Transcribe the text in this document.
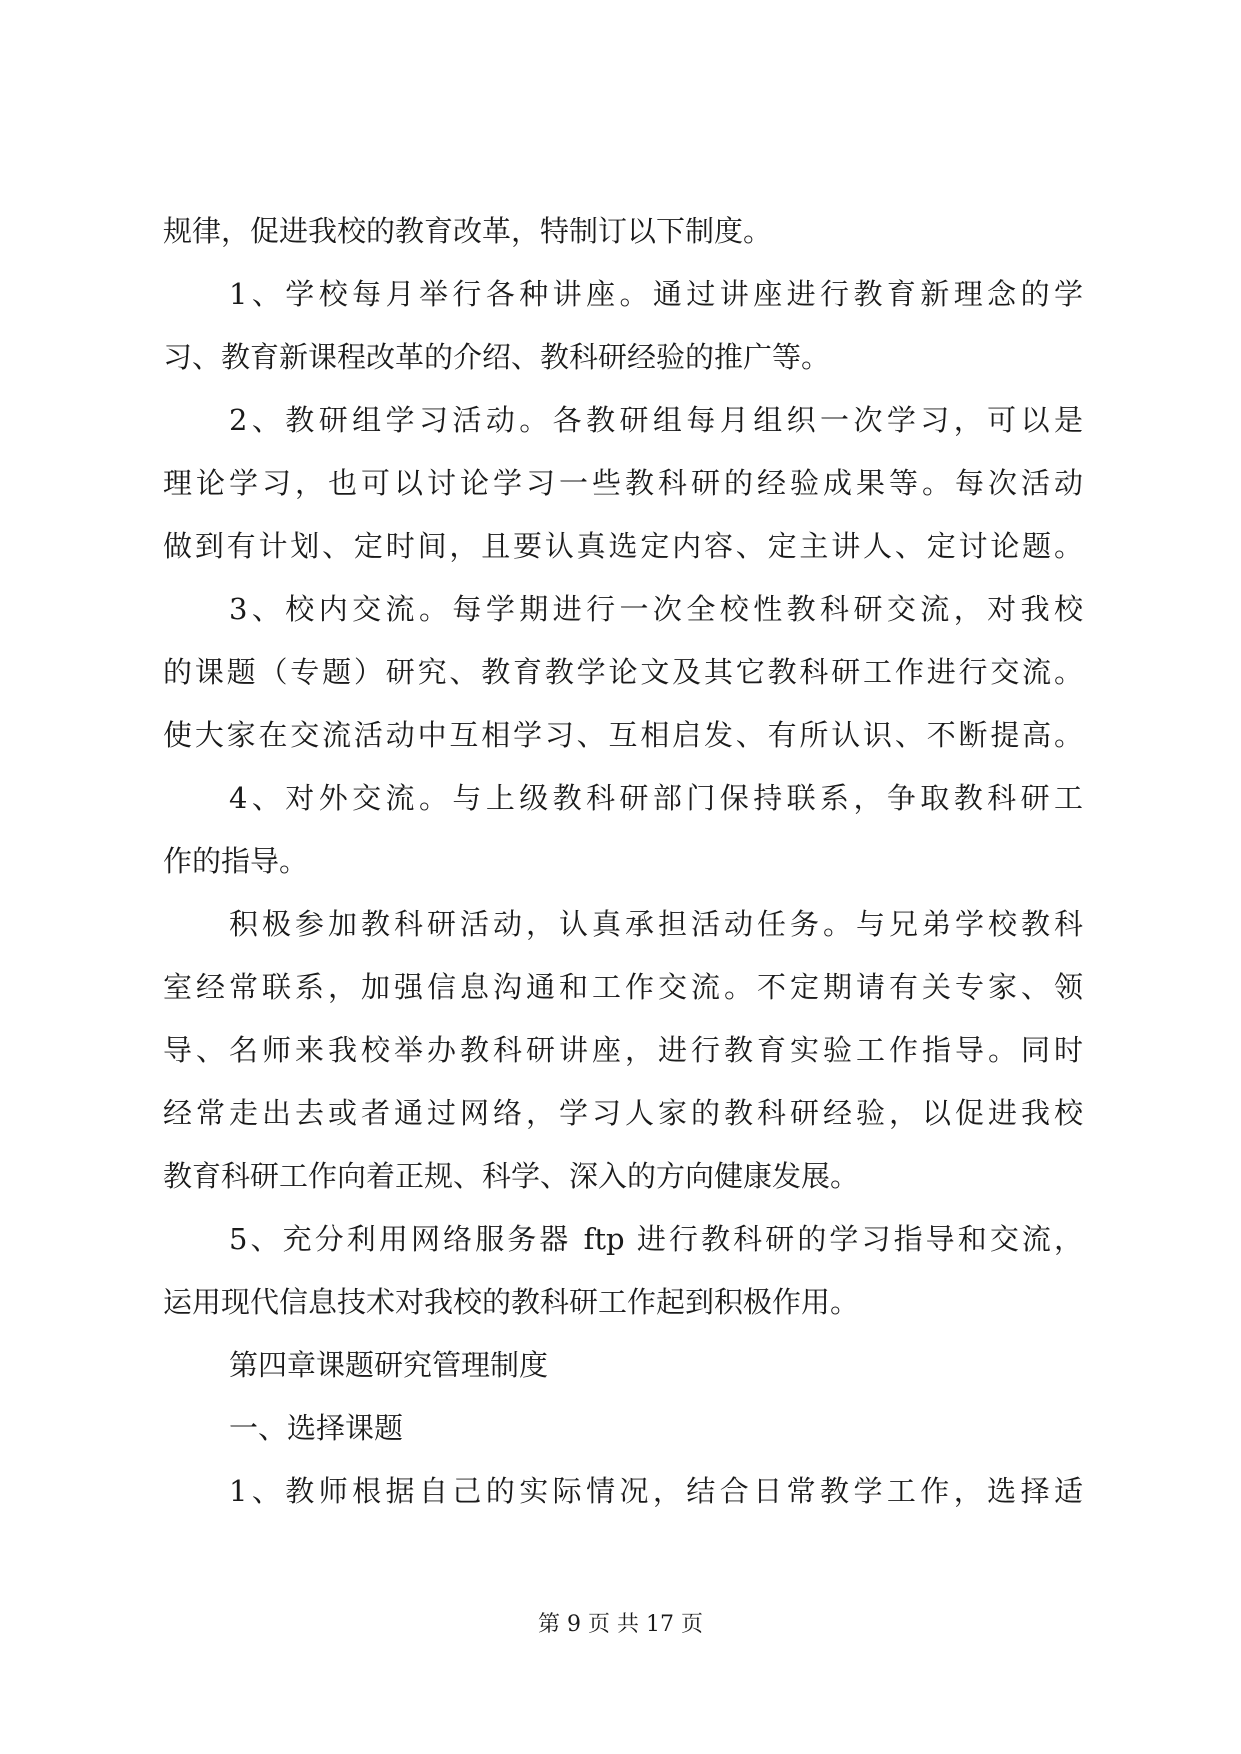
规律，促进我校的教育改革，特制订以下制度。
1、学校每月举行各种讲座。通过讲座进行教育新理念的学
习、教育新课程改革的介绍、教科研经验的推广等。
2、教研组学习活动。各教研组每月组织一次学习，可以是
理论学习，也可以讨论学习一些教科研的经验成果等。每次活动
做到有计划、定时间，且要认真选定内容、定主讲人、定讨论题。
3、校内交流。每学期进行一次全校性教科研交流，对我校
的课题（专题）研究、教育教学论文及其它教科研工作进行交流。
使大家在交流活动中互相学习、互相启发、有所认识、不断提高。
4、对外交流。与上级教科研部门保持联系，争取教科研工
作的指导。
积极参加教科研活动，认真承担活动任务。与兄弟学校教科
室经常联系，加强信息沟通和工作交流。不定期请有关专家、领
导、名师来我校举办教科研讲座，进行教育实验工作指导。同时
经常走出去或者通过网络，学习人家的教科研经验，以促进我校
教育科研工作向着正规、科学、深入的方向健康发展。
5、充分利用网络服务器 ftp 进行教科研的学习指导和交流，
运用现代信息技术对我校的教科研工作起到积极作用。
第四章课题研究管理制度
一、选择课题
1、教师根据自己的实际情况，结合日常教学工作，选择适
第 9 页 共 17 页
